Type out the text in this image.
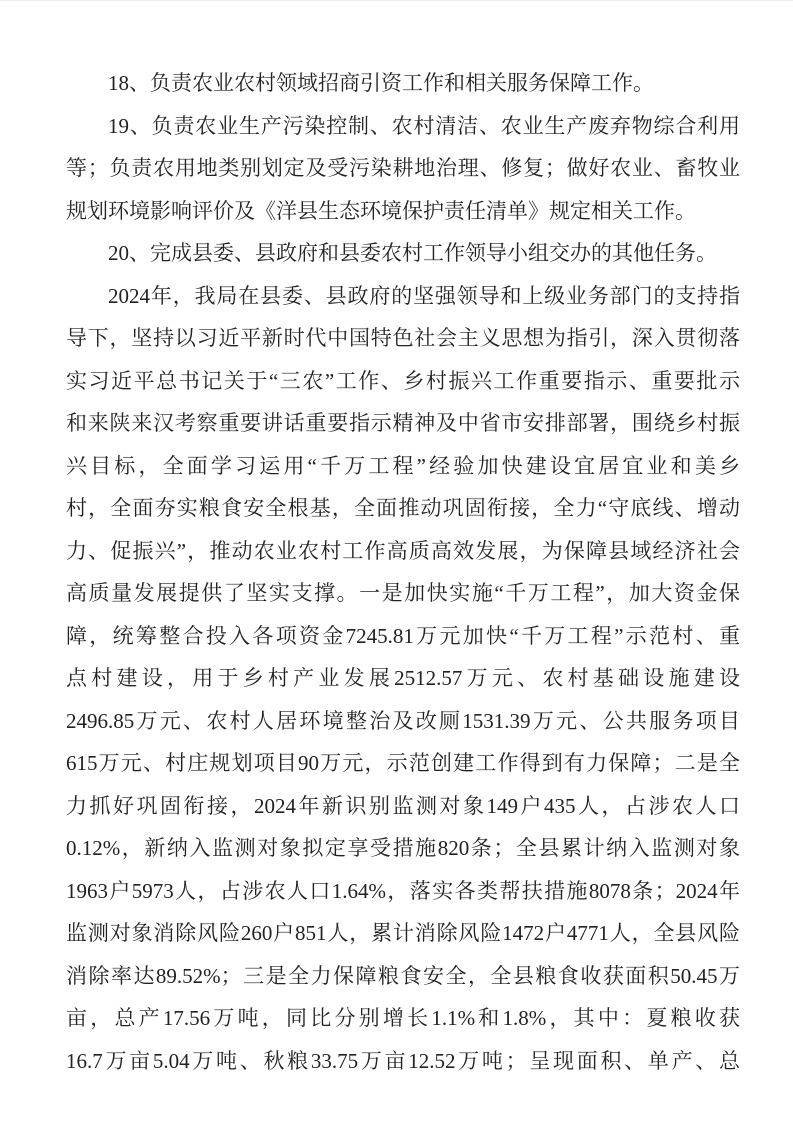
18、负责农业农村领域招商引资工作和相关服务保障工作。
19、负责农业生产污染控制、农村清洁、农业生产废弃物综合利用
等；负责农用地类别划定及受污染耕地治理、修复；做好农业、畜牧业
规划环境影响评价及《洋县生态环境保护责任清单》规定相关工作。
20、完成县委、县政府和县委农村工作领导小组交办的其他任务。
2024年，我局在县委、县政府的坚强领导和上级业务部门的支持指
导下，坚持以习近平新时代中国特色社会主义思想为指引，深入贯彻落
实习近平总书记关于“三农”工作、乡村振兴工作重要指示、重要批示
和来陕来汉考察重要讲话重要指示精神及中省市安排部署，围绕乡村振
兴目标，全面学习运用“千万工程”经验加快建设宜居宜业和美乡
村，全面夯实粮食安全根基，全面推动巩固衔接，全力“守底线、增动
力、促振兴”，推动农业农村工作高质高效发展，为保障县域经济社会
高质量发展提供了坚实支撑。一是加快实施“千万工程”，加大资金保
障，统筹整合投入各项资金7245.81万元加快“千万工程”示范村、重
点村建设，用于乡村产业发展2512.57万元、农村基础设施建设
2496.85万元、农村人居环境整治及改厕1531.39万元、公共服务项目
615万元、村庄规划项目90万元，示范创建工作得到有力保障；二是全
力抓好巩固衔接，2024年新识别监测对象149户435人，占涉农人口
0.12%，新纳入监测对象拟定享受措施820条；全县累计纳入监测对象
1963户5973人，占涉农人口1.64%，落实各类帮扶措施8078条；2024年
监测对象消除风险260户851人，累计消除风险1472户4771人，全县风险
消除率达89.52%；三是全力保障粮食安全，全县粮食收获面积50.45万
亩，总产17.56万吨，同比分别增长1.1%和1.8%，其中：夏粮收获
16.7万亩5.04万吨、秋粮33.75万亩12.52万吨；呈现面积、单产、总
